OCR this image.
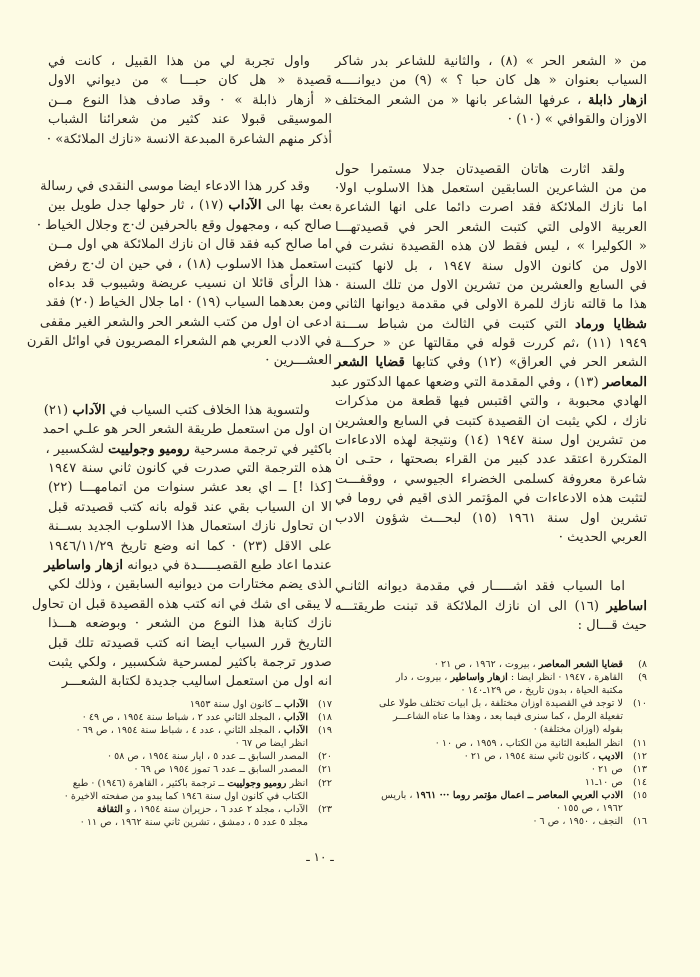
من « الشعر الحر » (٨) ، والثانية للشاعر بدر شاكر
السياب بعنوان « هل كان حبا ؟ » (٩) من ديوانــــه
ازهار ذابلة ، عرفها الشاعر بانها « من الشعر المختلف
الاوزان والقوافي » (١٠) ·
ولقد اثارت هاتان القصيدتان جدلا مستمرا حول
من من الشاعرين السابقين استعمل هذا الاسلوب اولا·
اما نازك الملائكة فقد اصرت دائما على انها الشاعرة
العربية الاولى التي كتبت الشعر الحر في قصيدتهـــا
« الكوليرا » ، ليس فقط لان هذه القصيدة نشرت في
الاول من كانون الاول سنة ١٩٤٧ ، بل لانها كتبت
في السابع والعشرين من تشرين الاول من تلك السنة ·
هذا ما قالته نازك للمرة الاولى في مقدمة ديوانها الثاني
شظايا ورماد التي كتبت في الثالث من شباط ســـنة
١٩٤٩ (١١) ،ثم كررت قوله في مقالتها عن « حركـــة
الشعر الحر في العراق» (١٢) وفي كتابها قضايا الشعر
المعاصر (١٣) ، وفي المقدمة التي وضعها عمها الدكتور عبد
الهادي محبوبة ، والتي اقتبس فيها قطعة من مذكرات
نازك ، لكي يثبت ان القصيدة كتبت في السابع والعشرين
من تشرين اول سنة ١٩٤٧ (١٤) ونتيجة لهذه الادعاءات
المتكررة اعتقد عدد كبير من القراء بصحتها ، حتـى ان
شاعرة معروفة كسلمى الخضراء الجيوسي ، ووقفـــت
لتثبت هذه الادعاءات في المؤتمر الذى اقيم في روما في
تشرين اول سنة ١٩٦١ (١٥) لبحـــث شؤون الادب
العربي الحديث ·
اما السياب فقد اشـــــار في مقدمة ديوانه الثانـي
اساطير (١٦) الى ان نازك الملائكة قد تبنت طريقتـــه
حيث قـــال :
واول تجربة لي من هذا القبيل ، كانت في
قصيدة « هل كان حبـــا » من ديواني الاول
« أزهار ذابلة » · وقد صادف هذا النوع مــن
الموسيقى قبولا عند كثير من شعرائنا الشباب
أذكر منهم الشاعرة المبدعة الانسة «نازك الملائكة» ·
وقد كرر هذا الادعاء ايضا موسى النقدى في رسالة
بعث بها الى الآداب (١٧) ، ثار حولها جدل طويل بين
صالح كبه ، ومجهول وقع بالحرفين ك·ج وجلال الخياط ·
اما صالح كبه فقد قال ان نازك الملائكة هي اول مــن
استعمل هذا الاسلوب (١٨) ، في حين ان ك·ج رفض
هذا الرأى قائلا ان نسيب عريضة وشيبوب قد بدءاه
ومن بعدهما السياب (١٩) · اما جلال الخياط (٢٠) فقد
ادعى ان اول من كتب الشعر الحر والشعر الغير مقفى
في الادب العربي هم الشعراء المصريون في اوائل القرن
العشـــرين ·
ولتسوية هذا الخلاف كتب السياب في الآداب (٢١)
ان اول من استعمل طريقة الشعر الحر هو علـي احمد
باكثير في ترجمة مسرحية روميو وجولييت لشكسبير ،
هذه الترجمة التي صدرت في كانون ثاني سنة ١٩٤٧
[كذا !] ــ اي بعد عشر سنوات من اتمامهـــا (٢٢)
الا ان السياب بقي عند قوله بانه كتب قصيدته قبل
ان تحاول نازك استعمال هذا الاسلوب الجديد بســنة
على الاقل (٢٣) · كما انه وضع تاريخ ١٩٤٦/١١/٢٩
عندما اعاد طبع القصيـــــدة في ديوانه ازهار واساطير
الذى يضم مختارات من ديوانيه السابقين ، وذلك لكي
لا يبقى اى شك في انه كتب هذه القصيدة قبل ان تحاول
نازك كتابة هذا النوع من الشعر · وبوضعه هـــذا
التاريخ قرر السياب ايضا انه كتب قصيدته تلك قبل
صدور ترجمة باكثير لمسرحية شكسبير ، ولكي يثبت
انه اول من استعمل اساليب جديدة لكتابة الشعـــر
٨)
قضايا الشعر المعاصر ، بيروت ، ١٩٦٢ ، ص ٢١ ·
٩)
القاهرة ، ١٩٤٧ · انظر ايضا : ازهار واساطير ، بيروت ، دار
مكتبة الحياة ، بدون تاريخ ، ص ١٢٩ـ١٤٠ ·
١٠)
لا توجد في القصيدة اوزان مختلفة ، بل ابيات تختلف طولا على
تفعيلة الرمل ، كما سنرى فيما بعد ، وهذا ما عناه الشاعـــر
بقوله (اوزان مختلفة) ·
١١)
انظر الطبعة الثانية من الكتاب ، ١٩٥٩ ، ص ١٠ ·
١٢)
الاديب ، كانون ثاني سنة ١٩٥٤ ، ص ٢١ ·
١٣)
ص ٢١ ·
١٤)
ص ١٠ـ١١
١٥)
الادب العربي المعاصر ــ اعمال مؤتمر روما ··· ١٩٦١ ، باريس
١٩٦٢ ، ص ١٥٥ ·
١٦)
النجف ، ١٩٥٠ ، ص ٦ ·
١٧)
الآداب ــ كانون اول سنة ١٩٥٣
١٨)
الآداب ، المجلد الثاني عدد ٢ ، شباط سنة ١٩٥٤ ، ص ٤٩ ·
١٩)
الآداب ، المجلد الثاني ، عدد ٤ ، شباط سنة ١٩٥٤ ، ص ٦٩ ·
انظر ايضا ص ٦٧ ·
٢٠)
المصدر السابق ــ عدد ٥ ، ايار سنة ١٩٥٤ ، ص ٥٨ ·
٢١)
المصدر السابق ــ عدد ٦ تموز ١٩٥٤ ص ٦٩ ·
٢٢)
انظر روميو وجولييت ــ ترجمة باكثير ، القاهرة (١٩٤٦) · طبع
الكتاب في كانون اول سنة ١٩٤٦ كما يبدو من صفحته الاخيرة ·
٢٣)
الآداب ، مجلد ٢ عدد ٦ ، حزيران سنة ١٩٥٤ ، و الثقافة
مجلد ٥ عدد ٥ ، دمشق ، تشرين ثاني سنة ١٩٦٢ ، ص ١١ ·
ـ ١٠ ـ
